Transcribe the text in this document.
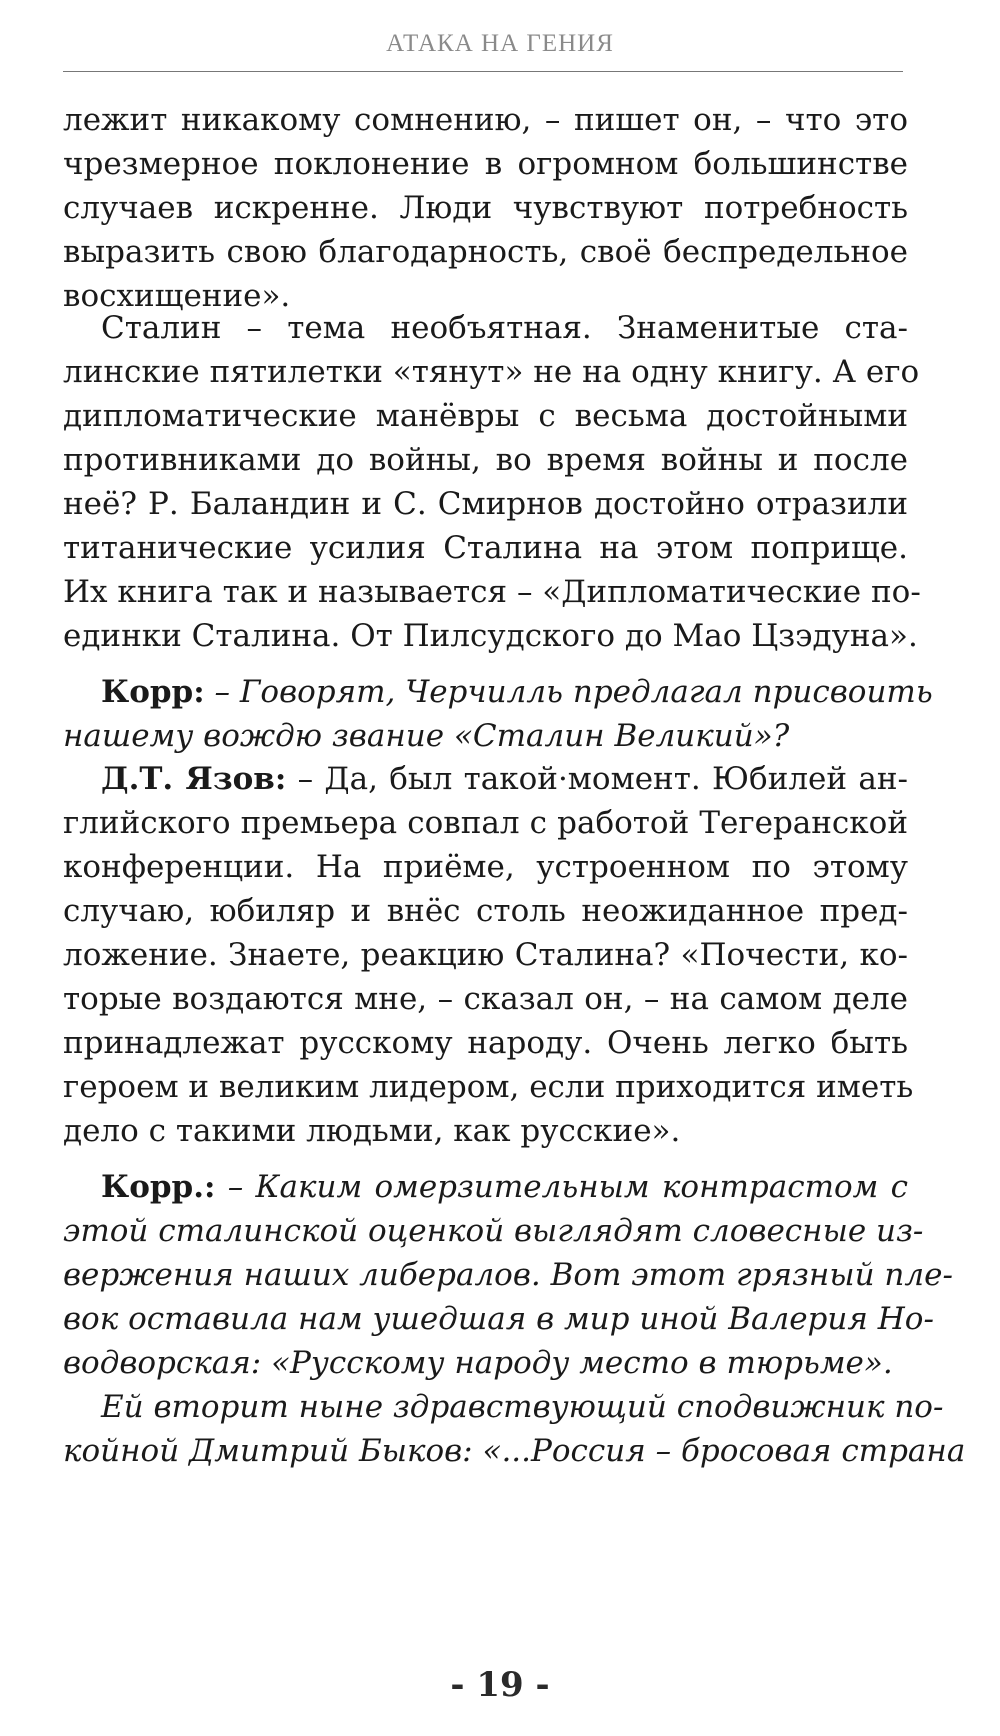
АТАКА НА ГЕНИЯ
лежит никакому сомнению, – пишет он, – что это
чрезмерное поклонение в огромном большинстве
случаев искренне. Люди чувствуют потребность
выразить свою благодарность, своё беспредельное
восхищение».
Сталин – тема необъятная. Знаменитые ста-
линские пятилетки «тянут» не на одну книгу. А его
дипломатические манёвры с весьма достойными
противниками до войны, во время войны и после
неё? Р. Баландин и С. Смирнов достойно отразили
титанические усилия Сталина на этом поприще.
Их книга так и называется – «Дипломатические по-
единки Сталина. От Пилсудского до Мао Цзэдуна».
Корр: – Говорят, Черчилль предлагал присвоить
нашему вождю звание «Сталин Великий»?
Д.Т. Язов: – Да, был такой·момент. Юбилей ан-
глийского премьера совпал с работой Тегеранской
конференции. На приёме, устроенном по этому
случаю, юбиляр и внёс столь неожиданное пред-
ложение. Знаете, реакцию Сталина? «Почести, ко-
торые воздаются мне, – сказал он, – на самом деле
принадлежат русскому народу. Очень легко быть
героем и великим лидером, если приходится иметь
дело с такими людьми, как русские».
Корр.: – Каким омерзительным контрастом с
этой сталинской оценкой выглядят словесные из-
вержения наших либералов. Вот этот грязный пле-
вок оставила нам ушедшая в мир иной Валерия Но-
водворская: «Русскому народу место в тюрьме».
Ей вторит ныне здравствующий сподвижник по-
койной Дмитрий Быков: «...Россия – бросовая страна
- 19 -
